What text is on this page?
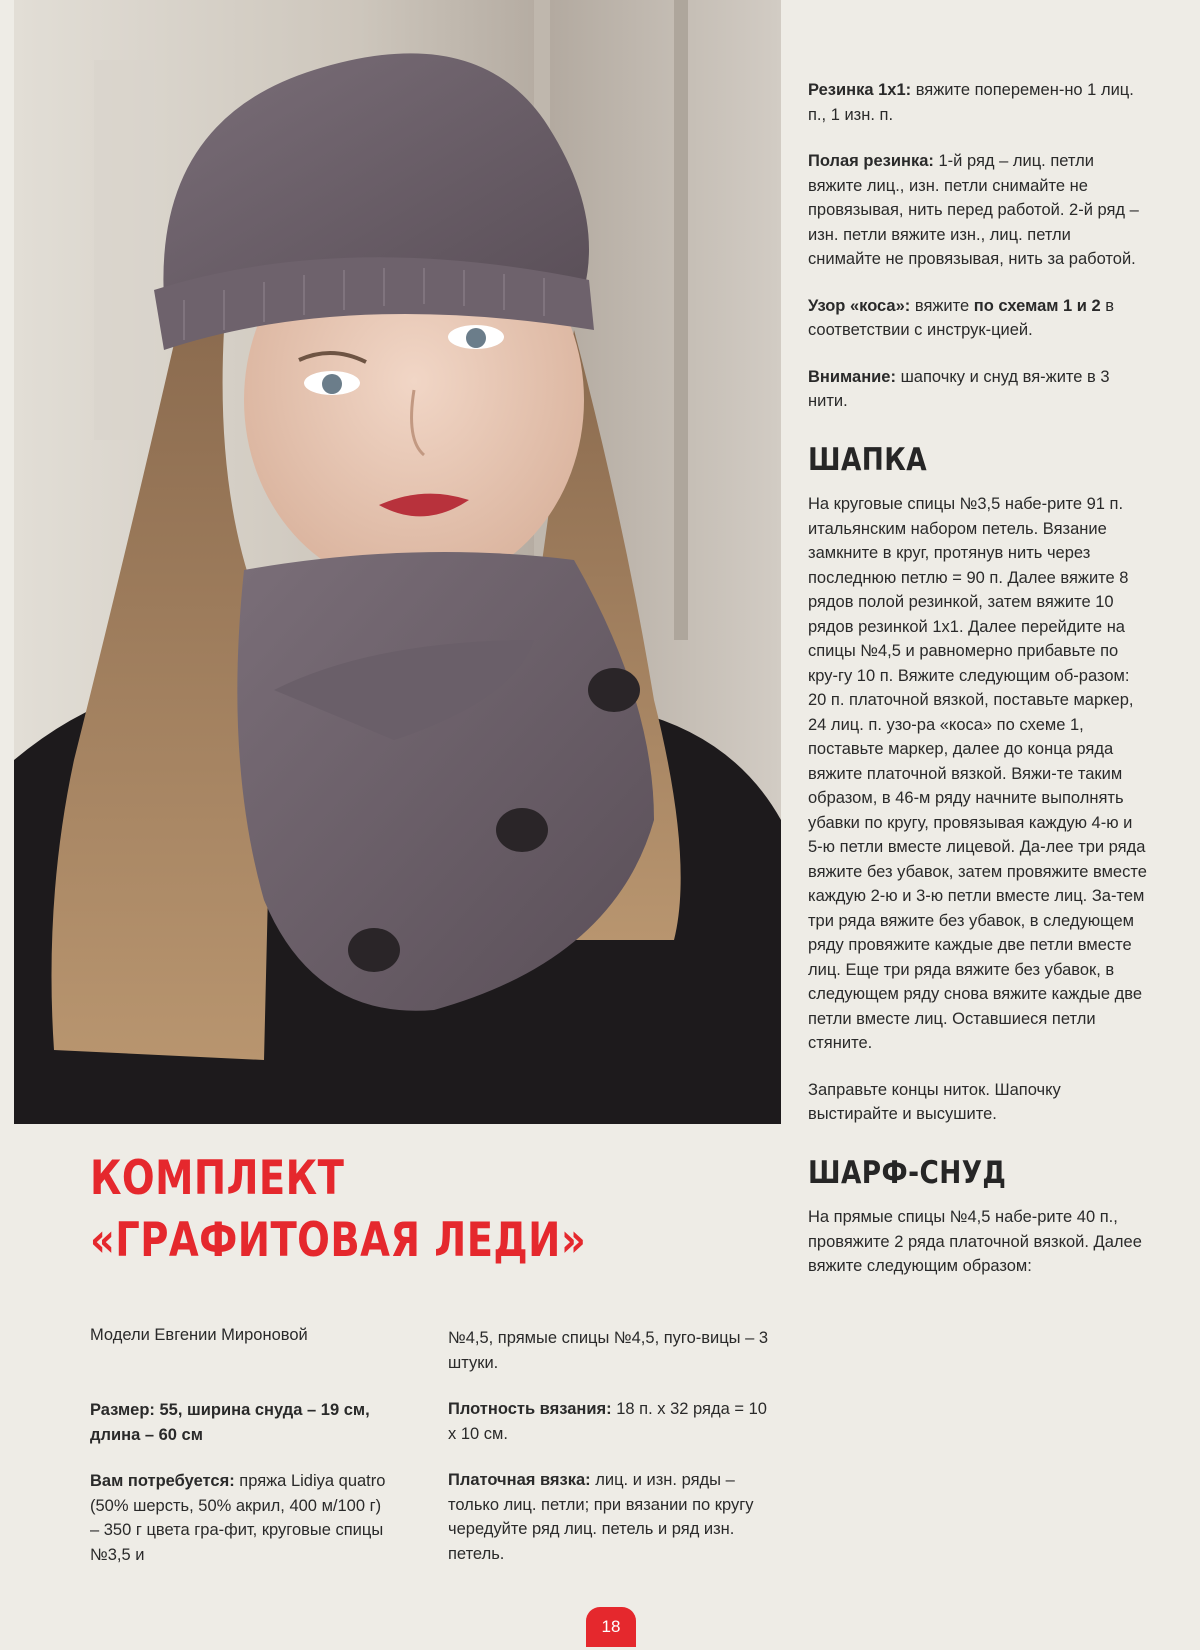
Резинка 1х1: вяжите поперемен-но 1 лиц. п., 1 изн. п.

Полая резинка: 1-й ряд – лиц. петли вяжите лиц., изн. петли снимайте не провязывая, нить перед работой. 2-й ряд – изн. петли вяжите изн., лиц. петли снимайте не провязывая, нить за работой.

Узор «коса»: вяжите по схемам 1 и 2 в соответствии с инструк-цией.

Внимание: шапочку и снуд вя-жите в 3 нити.

ШАПКА

На круговые спицы №3,5 набе-рите 91 п. итальянским набором петель. Вязание замкните в круг, протянув нить через последнюю петлю = 90 п. Далее вяжите 8 рядов полой резинкой, затем вяжите 10 рядов резинкой 1х1. Далее перейдите на спицы №4,5 и равномерно прибавьте по кру-гу 10 п. Вяжите следующим об-разом: 20 п. платочной вязкой, поставьте маркер, 24 лиц. п. узо-ра «коса» по схеме 1, поставьте маркер, далее до конца ряда вяжите платочной вязкой. Вяжи-те таким образом, в 46-м ряду начните выполнять убавки по кругу, провязывая каждую 4-ю и 5-ю петли вместе лицевой. Да-лее три ряда вяжите без убавок, затем провяжите вместе каждую 2-ю и 3-ю петли вместе лиц. За-тем три ряда вяжите без убавок, в следующем ряду провяжите каждые две петли вместе лиц. Еще три ряда вяжите без убавок, в следующем ряду снова вяжите каждые две петли вместе лиц. Оставшиеся петли стяните.

Заправьте концы ниток. Шапочку выстирайте и высушите.

ШАРФ-СНУД

На прямые спицы №4,5 набе-рите 40 п., провяжите 2 ряда платочной вязкой. Далее вяжите следующим образом:

КОМПЛЕКТ
«ГРАФИТОВАЯ ЛЕДИ»
Модели Евгении Мироновой

Размер: 55, ширина снуда – 19 см, длина – 60 см

Вам потребуется: пряжа Lidiya quatro (50% шерсть, 50% акрил, 400 м/100 г) – 350 г цвета гра-фит, круговые спицы №3,5 и

№4,5, прямые спицы №4,5, пуго-вицы – 3 штуки.

Плотность вязания: 18 п. х 32 ряда = 10 х 10 см.

Платочная вязка: лиц. и изн. ряды – только лиц. петли; при вязании по кругу чередуйте ряд лиц. петель и ряд изн. петель.

18
